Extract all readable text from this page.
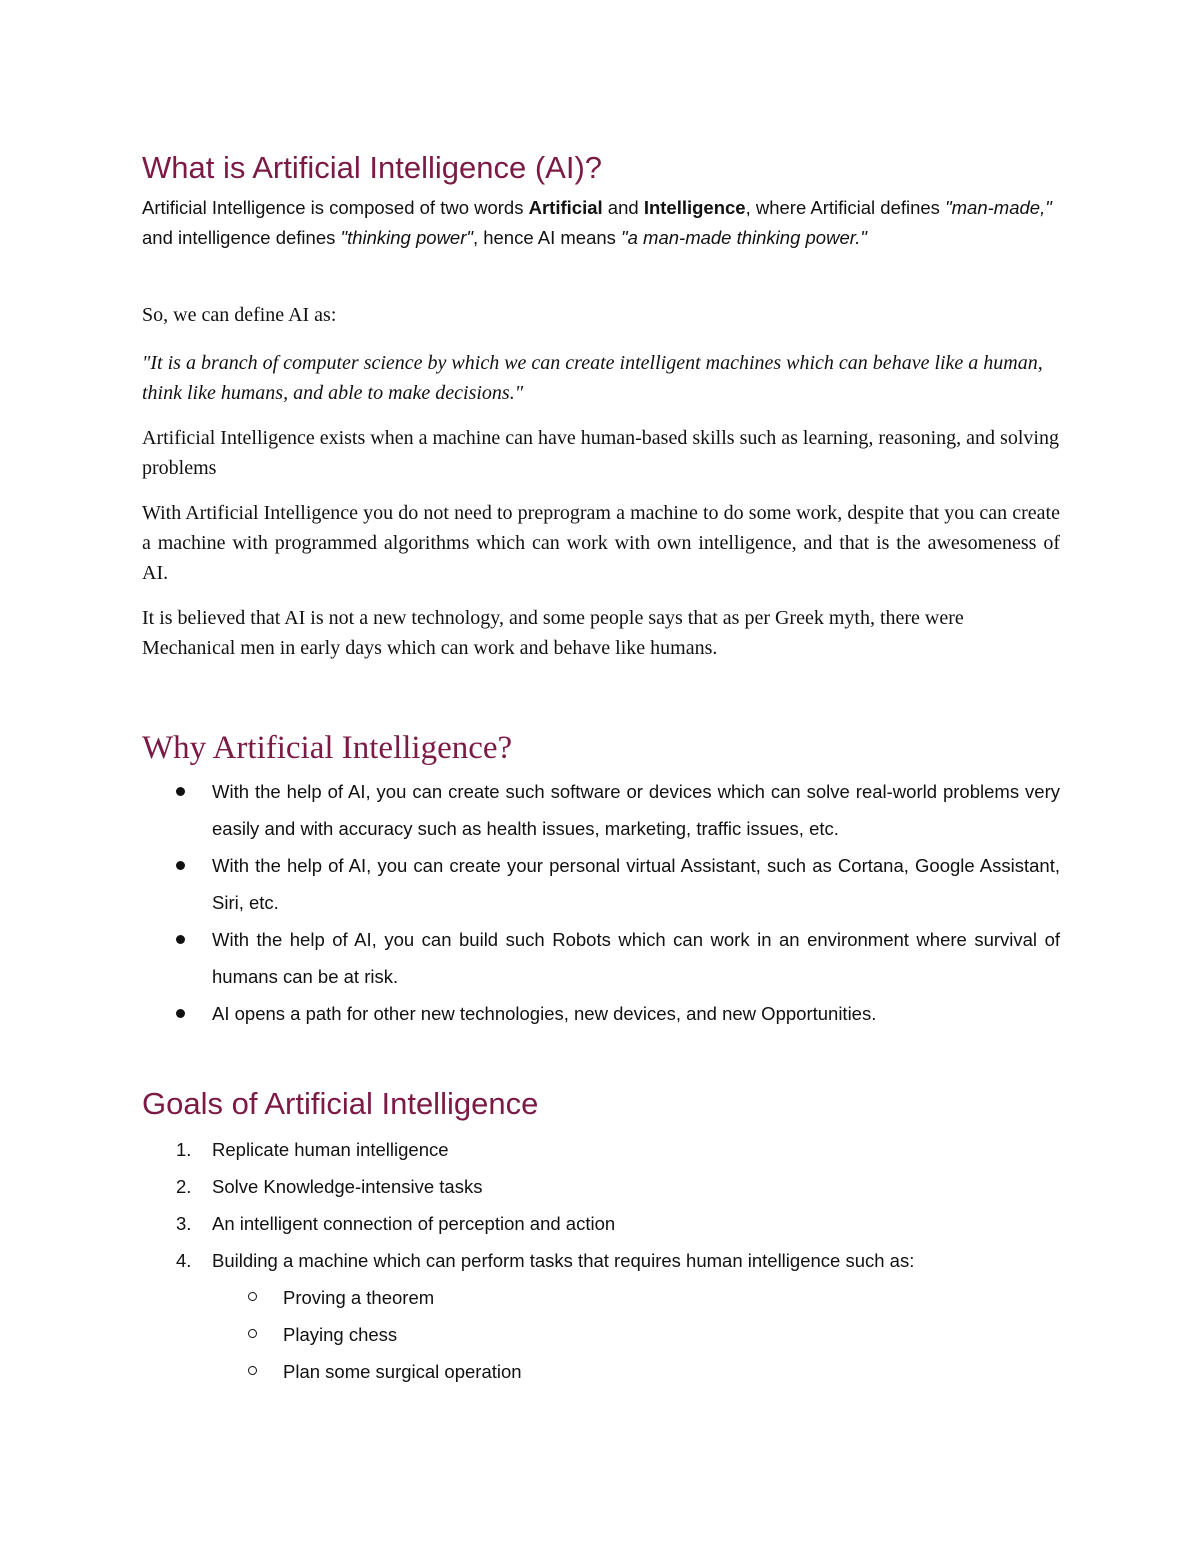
What is Artificial Intelligence (AI)?

Artificial Intelligence is composed of two words Artificial and Intelligence, where Artificial defines "man-made," and intelligence defines "thinking power", hence AI means "a man-made thinking power."

So, we can define AI as:

"It is a branch of computer science by which we can create intelligent machines which can behave like a human, think like humans, and able to make decisions."

Artificial Intelligence exists when a machine can have human-based skills such as learning, reasoning, and solving problems

With Artificial Intelligence you do not need to preprogram a machine to do some work, despite that you can create a machine with programmed algorithms which can work with own intelligence, and that is the awesomeness of AI.

It is believed that AI is not a new technology, and some people says that as per Greek myth, there were Mechanical men in early days which can work and behave like humans.

Why Artificial Intelligence?
With the help of AI, you can create such software or devices which can solve real-world problems very easily and with accuracy such as health issues, marketing, traffic issues, etc.
With the help of AI, you can create your personal virtual Assistant, such as Cortana, Google Assistant, Siri, etc.
With the help of AI, you can build such Robots which can work in an environment where survival of humans can be at risk.
AI opens a path for other new technologies, new devices, and new Opportunities.
Goals of Artificial Intelligence
1. Replicate human intelligence
2. Solve Knowledge-intensive tasks
3. An intelligent connection of perception and action
4. Building a machine which can perform tasks that requires human intelligence such as:
Proving a theorem
Playing chess
Plan some surgical operation
